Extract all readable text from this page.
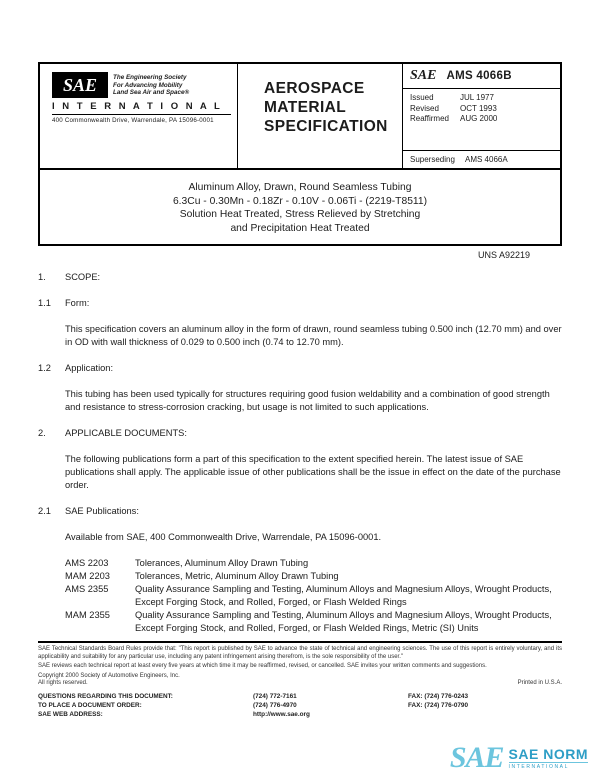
SAE	The Engineering Society
For Advancing Mobility
Land Sea Air and Space®
I N T E R N A T I O N A L
400 Commonwealth Drive, Warrendale, PA 15096-0001
AEROSPACE
MATERIAL
SPECIFICATION
SAE AMS 4066B
Issued	JUL 1977
Revised	OCT 1993
Reaffirmed	AUG 2000
Superseding	AMS 4066A
Aluminum Alloy, Drawn, Round Seamless Tubing
6.3Cu - 0.30Mn - 0.18Zr - 0.10V - 0.06Ti - (2219-T8511)
Solution Heat Treated, Stress Relieved by Stretching
and Precipitation Heat Treated
UNS A92219
1.	SCOPE:
1.1	Form:

This specification covers an aluminum alloy in the form of drawn, round seamless tubing 0.500 inch (12.70 mm) and over in OD with wall thickness of 0.029 to 0.500 inch (0.74 to 12.70 mm).

1.2	Application:

This tubing has been used typically for structures requiring good fusion weldability and a combination of good strength and resistance to stress-corrosion cracking, but usage is not limited to such applications.

2.	APPLICABLE DOCUMENTS:

The following publications form a part of this specification to the extent specified herein. The latest issue of SAE publications shall apply. The applicable issue of other publications shall be the issue in effect on the date of the purchase order.

2.1	SAE Publications:

Available from SAE, 400 Commonwealth Drive, Warrendale, PA 15096-0001.

AMS 2203	Tolerances, Aluminum Alloy Drawn Tubing
MAM 2203	Tolerances, Metric, Aluminum Alloy Drawn Tubing
AMS 2355	Quality Assurance Sampling and Testing, Aluminum Alloys and Magnesium Alloys, Wrought Products, Except Forging Stock, and Rolled, Forged, or Flash Welded Rings
MAM 2355	Quality Assurance Sampling and Testing, Aluminum Alloys and Magnesium Alloys, Wrought Products, Except Forging Stock, and Rolled, Forged, or Flash Welded Rings, Metric (SI) Units

SAE Technical Standards Board Rules provide that: "This report is published by SAE to advance the state of technical and engineering sciences. The use of this report is entirely voluntary, and its applicability and suitability for any particular use, including any patent infringement arising therefrom, is the sole responsibility of the user."

SAE reviews each technical report at least every five years at which time it may be reaffirmed, revised, or cancelled. SAE invites your written comments and suggestions.

Copyright 2000 Society of Automotive Engineers, Inc.
All rights reserved.	Printed in U.S.A.
QUESTIONS REGARDING THIS DOCUMENT:	(724) 772-7161	FAX: (724) 776-0243
TO PLACE A DOCUMENT ORDER:	(724) 776-4970	FAX: (724) 776-0790
SAE WEB ADDRESS:	http://www.sae.org
SAE SAE NORM
INTERNATIONAL
